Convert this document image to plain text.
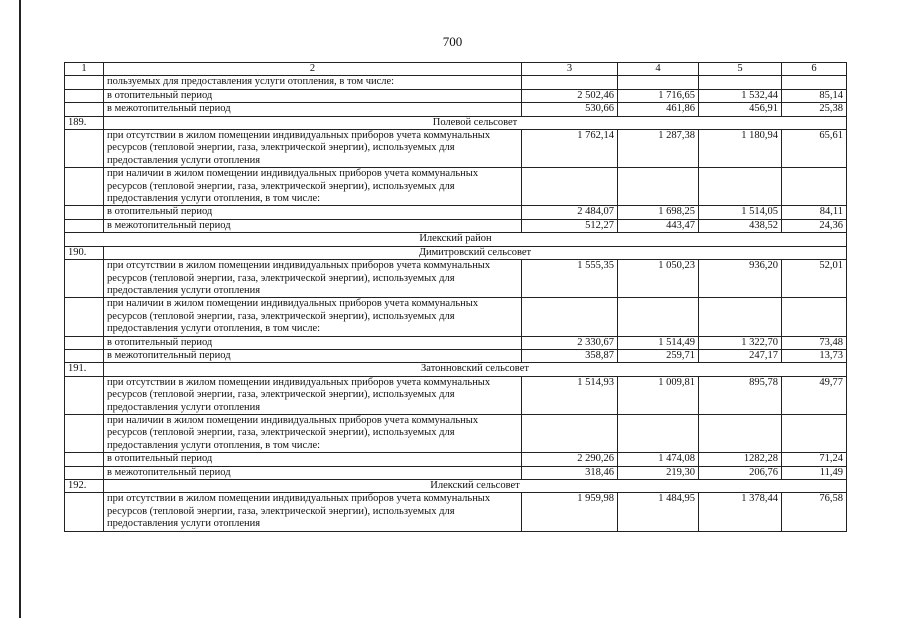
700
1	2	3	4	5	6
	пользуемых для предоставления услуги отопления, в том числе:				
	в отопительный период	2 502,46	1 716,65	1 532,44	85,14
	в межотопительный период	530,66	461,86	456,91	25,38
189.	Полевой сельсовет				
	при отсутствии в жилом помещении индивидуальных приборов учета коммунальных ресурсов (тепловой энергии, газа, электрической энергии), используемых для предоставления услуги отопления	1 762,14	1 287,38	1 180,94	65,61
	при наличии в жилом помещении индивидуальных приборов учета коммунальных ресурсов (тепловой энергии, газа, электрической энергии), используемых для предоставления услуги отопления, в том числе:				
	в отопительный период	2 484,07	1 698,25	1 514,05	84,11
	в межотопительный период	512,27	443,47	438,52	24,36
Илекский район					
190.	Димитровский сельсовет				
	при отсутствии в жилом помещении индивидуальных приборов учета коммунальных ресурсов (тепловой энергии, газа, электрической энергии), используемых для предоставления услуги отопления	1 555,35	1 050,23	936,20	52,01
	при наличии в жилом помещении индивидуальных приборов учета коммунальных ресурсов (тепловой энергии, газа, электрической энергии), используемых для предоставления услуги отопления, в том числе:				
	в отопительный период	2 330,67	1 514,49	1 322,70	73,48
	в межотопительный период	358,87	259,71	247,17	13,73
191.	Затонновский сельсовет				
	при отсутствии в жилом помещении индивидуальных приборов учета коммунальных ресурсов (тепловой энергии, газа, электрической энергии), используемых для предоставления услуги отопления	1 514,93	1 009,81	895,78	49,77
	при наличии в жилом помещении индивидуальных приборов учета коммунальных ресурсов (тепловой энергии, газа, электрической энергии), используемых для предоставления услуги отопления, в том числе:				
	в отопительный период	2 290,26	1 474,08	1282,28	71,24
	в межотопительный период	318,46	219,30	206,76	11,49
192.	Илекский сельсовет				
	при отсутствии в жилом помещении индивидуальных приборов учета коммунальных ресурсов (тепловой энергии, газа, электрической энергии), используемых для предоставления услуги отопления	1 959,98	1 484,95	1 378,44	76,58
